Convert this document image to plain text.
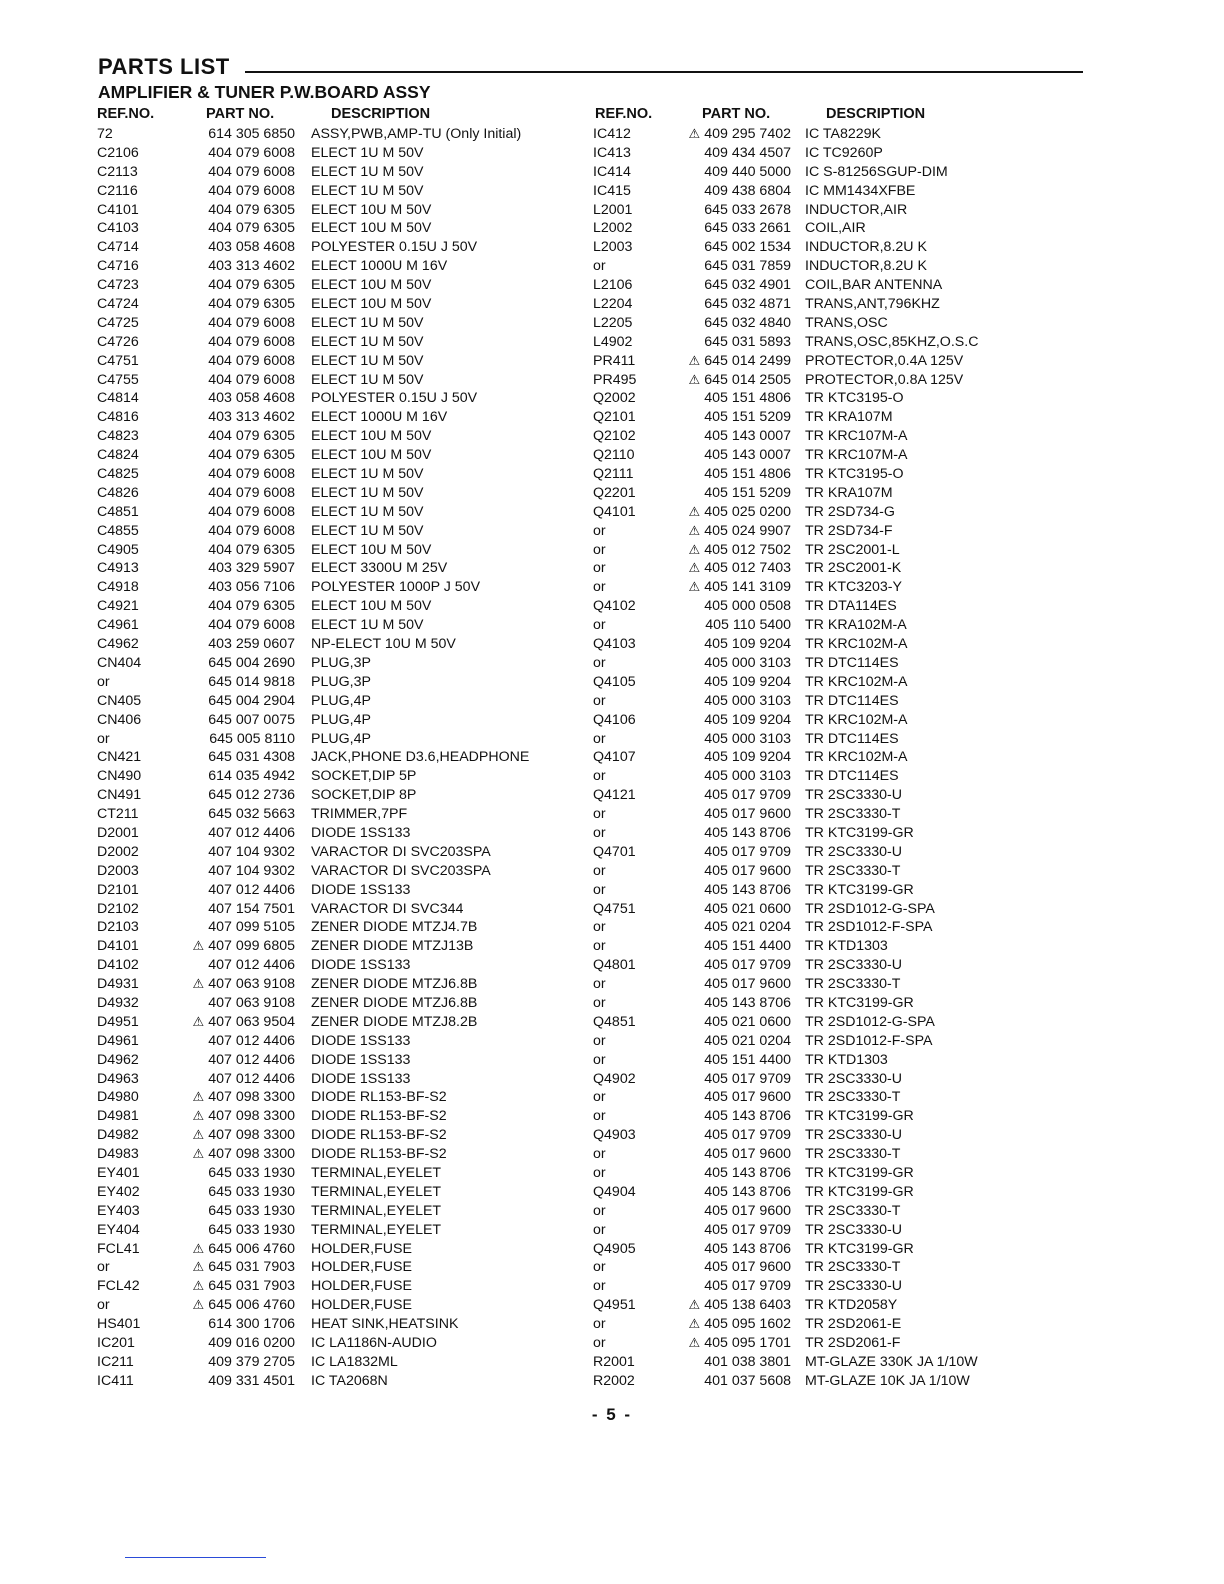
PARTS LIST
AMPLIFIER & TUNER P.W.BOARD ASSY
REF.NO.	PART NO.	DESCRIPTION
72	614 305 6850 ASSY,PWB,AMP-TU (Only Initial)
C2106	404 079 6008 ELECT 1U M 50V
C2113	404 079 6008 ELECT 1U M 50V
C2116	404 079 6008 ELECT 1U M 50V
C4101	404 079 6305 ELECT 10U M 50V
C4103	404 079 6305 ELECT 10U M 50V
C4714	403 058 4608 POLYESTER 0.15U J 50V
C4716	403 313 4602 ELECT 1000U M 16V
C4723	404 079 6305 ELECT 10U M 50V
C4724	404 079 6305 ELECT 10U M 50V
C4725	404 079 6008 ELECT 1U M 50V
C4726	404 079 6008 ELECT 1U M 50V
C4751	404 079 6008 ELECT 1U M 50V
C4755	404 079 6008 ELECT 1U M 50V
C4814	403 058 4608 POLYESTER 0.15U J 50V
C4816	403 313 4602 ELECT 1000U M 16V
C4823	404 079 6305 ELECT 10U M 50V
C4824	404 079 6305 ELECT 10U M 50V
C4825	404 079 6008 ELECT 1U M 50V
C4826	404 079 6008 ELECT 1U M 50V
C4851	404 079 6008 ELECT 1U M 50V
C4855	404 079 6008 ELECT 1U M 50V
C4905	404 079 6305 ELECT 10U M 50V
C4913	403 329 5907 ELECT 3300U M 25V
C4918	403 056 7106 POLYESTER 1000P J 50V
C4921	404 079 6305 ELECT 10U M 50V
C4961	404 079 6008 ELECT 1U M 50V
C4962	403 259 0607 NP-ELECT 10U M 50V
CN404	645 004 2690 PLUG,3P
or	645 014 9818 PLUG,3P
CN405	645 004 2904 PLUG,4P
CN406	645 007 0075 PLUG,4P
or	645 005 8110 PLUG,4P
CN421	645 031 4308 JACK,PHONE D3.6,HEADPHONE
CN490	614 035 4942 SOCKET,DIP 5P
CN491	645 012 2736 SOCKET,DIP 8P
CT211	645 032 5663 TRIMMER,7PF
D2001	407 012 4406 DIODE 1SS133
D2002	407 104 9302 VARACTOR DI SVC203SPA
D2003	407 104 9302 VARACTOR DI SVC203SPA
D2101	407 012 4406 DIODE 1SS133
D2102	407 154 7501 VARACTOR DI SVC344
D2103	407 099 5105 ZENER DIODE MTZJ4.7B
D4101	⚠ 407 099 6805 ZENER DIODE MTZJ13B
D4102	407 012 4406 DIODE 1SS133
D4931	⚠ 407 063 9108 ZENER DIODE MTZJ6.8B
D4932	407 063 9108 ZENER DIODE MTZJ6.8B
D4951	⚠ 407 063 9504 ZENER DIODE MTZJ8.2B
D4961	407 012 4406 DIODE 1SS133
D4962	407 012 4406 DIODE 1SS133
D4963	407 012 4406 DIODE 1SS133
D4980	⚠ 407 098 3300 DIODE RL153-BF-S2
D4981	⚠ 407 098 3300 DIODE RL153-BF-S2
D4982	⚠ 407 098 3300 DIODE RL153-BF-S2
D4983	⚠ 407 098 3300 DIODE RL153-BF-S2
EY401	645 033 1930 TERMINAL,EYELET
EY402	645 033 1930 TERMINAL,EYELET
EY403	645 033 1930 TERMINAL,EYELET
EY404	645 033 1930 TERMINAL,EYELET
FCL41	⚠ 645 006 4760 HOLDER,FUSE
or	⚠ 645 031 7903 HOLDER,FUSE
FCL42	⚠ 645 031 7903 HOLDER,FUSE
or	⚠ 645 006 4760 HOLDER,FUSE
HS401	614 300 1706 HEAT SINK,HEATSINK
IC201	409 016 0200 IC LA1186N-AUDIO
IC211	409 379 2705 IC LA1832ML
IC411	409 331 4501 IC TA2068N
REF.NO.	PART NO.	DESCRIPTION
IC412	⚠ 409 295 7402 IC TA8229K
IC413	409 434 4507 IC TC9260P
IC414	409 440 5000 IC S-81256SGUP-DIM
IC415	409 438 6804 IC MM1434XFBE
L2001	645 033 2678 INDUCTOR,AIR
L2002	645 033 2661 COIL,AIR
L2003	645 002 1534 INDUCTOR,8.2U K
or	645 031 7859 INDUCTOR,8.2U K
L2106	645 032 4901 COIL,BAR ANTENNA
L2204	645 032 4871 TRANS,ANT,796KHZ
L2205	645 032 4840 TRANS,OSC
L4902	645 031 5893 TRANS,OSC,85KHZ,O.S.C
PR411	⚠ 645 014 2499 PROTECTOR,0.4A 125V
PR495	⚠ 645 014 2505 PROTECTOR,0.8A 125V
Q2002	405 151 4806 TR KTC3195-O
Q2101	405 151 5209 TR KRA107M
Q2102	405 143 0007 TR KRC107M-A
Q2110	405 143 0007 TR KRC107M-A
Q2111	405 151 4806 TR KTC3195-O
Q2201	405 151 5209 TR KRA107M
Q4101	⚠ 405 025 0200 TR 2SD734-G
or	⚠ 405 024 9907 TR 2SD734-F
or	⚠ 405 012 7502 TR 2SC2001-L
or	⚠ 405 012 7403 TR 2SC2001-K
or	⚠ 405 141 3109 TR KTC3203-Y
Q4102	405 000 0508 TR DTA114ES
or	405 110 5400 TR KRA102M-A
Q4103	405 109 9204 TR KRC102M-A
or	405 000 3103 TR DTC114ES
Q4105	405 109 9204 TR KRC102M-A
or	405 000 3103 TR DTC114ES
Q4106	405 109 9204 TR KRC102M-A
or	405 000 3103 TR DTC114ES
Q4107	405 109 9204 TR KRC102M-A
or	405 000 3103 TR DTC114ES
Q4121	405 017 9709 TR 2SC3330-U
or	405 017 9600 TR 2SC3330-T
or	405 143 8706 TR KTC3199-GR
Q4701	405 017 9709 TR 2SC3330-U
or	405 017 9600 TR 2SC3330-T
or	405 143 8706 TR KTC3199-GR
Q4751	405 021 0600 TR 2SD1012-G-SPA
or	405 021 0204 TR 2SD1012-F-SPA
or	405 151 4400 TR KTD1303
Q4801	405 017 9709 TR 2SC3330-U
or	405 017 9600 TR 2SC3330-T
or	405 143 8706 TR KTC3199-GR
Q4851	405 021 0600 TR 2SD1012-G-SPA
or	405 021 0204 TR 2SD1012-F-SPA
or	405 151 4400 TR KTD1303
Q4902	405 017 9709 TR 2SC3330-U
or	405 017 9600 TR 2SC3330-T
or	405 143 8706 TR KTC3199-GR
Q4903	405 017 9709 TR 2SC3330-U
or	405 017 9600 TR 2SC3330-T
or	405 143 8706 TR KTC3199-GR
Q4904	405 143 8706 TR KTC3199-GR
or	405 017 9600 TR 2SC3330-T
or	405 017 9709 TR 2SC3330-U
Q4905	405 143 8706 TR KTC3199-GR
or	405 017 9600 TR 2SC3330-T
or	405 017 9709 TR 2SC3330-U
Q4951	⚠ 405 138 6403 TR KTD2058Y
or	⚠ 405 095 1602 TR 2SD2061-E
or	⚠ 405 095 1701 TR 2SD2061-F
R2001	401 038 3801 MT-GLAZE 330K JA 1/10W
R2002	401 037 5608 MT-GLAZE 10K JA 1/10W
- 5 -
